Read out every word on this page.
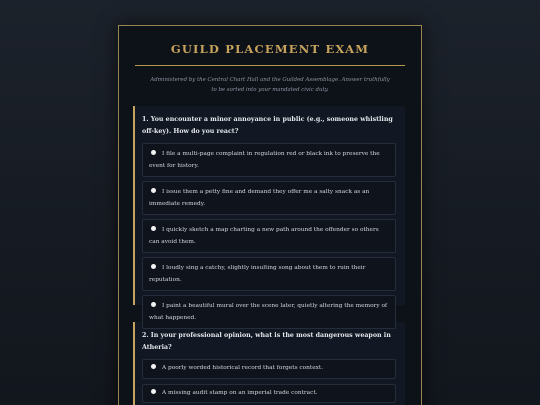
GUILD PLACEMENT EXAM
Administered by the Central Chart Hall and the Guilded Assemblage. Answer truthfully to be sorted into your mandated civic duty.
1. You encounter a minor annoyance in public (e.g., someone whistling off-key). How do you react?
I file a multi-page complaint in regulation red or black ink to preserve the event for history.
I issue them a petty fine and demand they offer me a salty snack as an immediate remedy.
I quickly sketch a map charting a new path around the offender so others can avoid them.
I loudly sing a catchy, slightly insulting song about them to ruin their reputation.
I paint a beautiful mural over the scene later, quietly altering the memory of what happened.
2. In your professional opinion, what is the most dangerous weapon in Atheria?
A poorly worded historical record that forgets context.
A missing audit stamp on an imperial trade contract.
